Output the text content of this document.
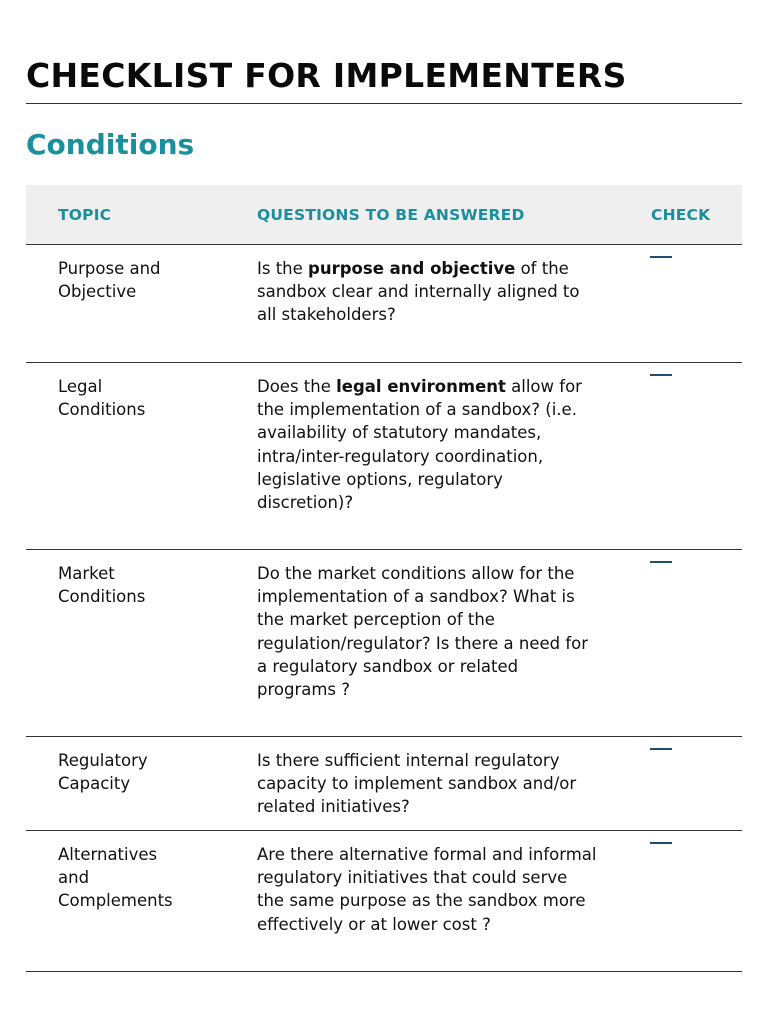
CHECKLIST FOR IMPLEMENTERS
Conditions
TOPIC	QUESTIONS TO BE ANSWERED	CHECK
Purpose and
Objective
Is the purpose and objective of the sandbox clear and internally aligned to all stakeholders?
Legal
Conditions
Does the legal environment allow for the implementation of a sandbox? (i.e. availability of statutory mandates, intra/inter-regulatory coordination, legislative options, regulatory discretion)?
Market
Conditions
Do the market conditions allow for the implementation of a sandbox? What is the market perception of the regulation/regulator? Is there a need for a regulatory sandbox or related programs ?
Regulatory
Capacity
Is there sufficient internal regulatory capacity to implement sandbox and/or related initiatives?
Alternatives
and
Complements
Are there alternative formal and informal regulatory initiatives that could serve the same purpose as the sandbox more effectively or at lower cost ?
